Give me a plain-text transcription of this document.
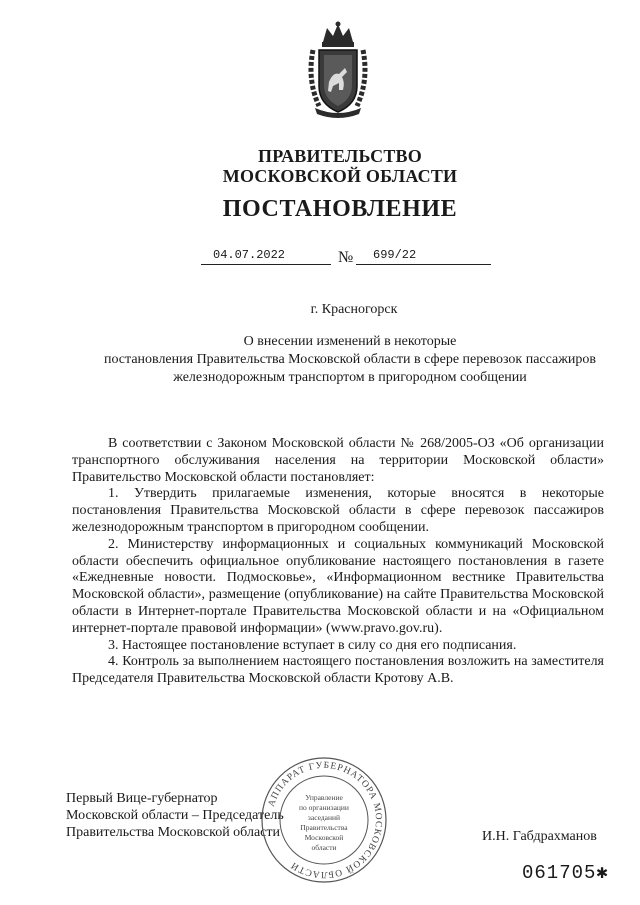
ПРАВИТЕЛЬСТВО
МОСКОВСКОЙ ОБЛАСТИ
ПОСТАНОВЛЕНИЕ
04.07.2022	№ 699/22
г. Красногорск
О внесении изменений в некоторые
постановления Правительства Московской области в сфере перевозок пассажиров
железнодорожным транспортом в пригородном сообщении

В соответствии с Законом Московской области № 268/2005-ОЗ «Об организации транспортного обслуживания населения на территории Московской области» Правительство Московской области постановляет:

1. Утвердить прилагаемые изменения, которые вносятся в некоторые постановления Правительства Московской области в сфере перевозок пассажиров железнодорожным транспортом в пригородном сообщении.

2. Министерству информационных и социальных коммуникаций Московской области обеспечить официальное опубликование настоящего постановления в газете «Ежедневные новости. Подмосковье», «Информационном вестнике Правительства Московской области», размещение (опубликование) на сайте Правительства Московской области в Интернет-портале Правительства Московской области и на «Официальном интернет-портале правовой информации» (www.pravo.gov.ru).

3. Настоящее постановление вступает в силу со дня его подписания.

4. Контроль за выполнением настоящего постановления возложить на заместителя Председателя Правительства Московской области Кротову А.В.

Первый Вице-губернатор
Московской области – Председатель
Правительства Московской области	И.Н. Габдрахманов
АППАРАТ ГУБЕРНАТОРА МОСКОВСКОЙ ОБЛАСТИ
Управление
по организации
заседаний
Правительства
Московской
области
061705✱
